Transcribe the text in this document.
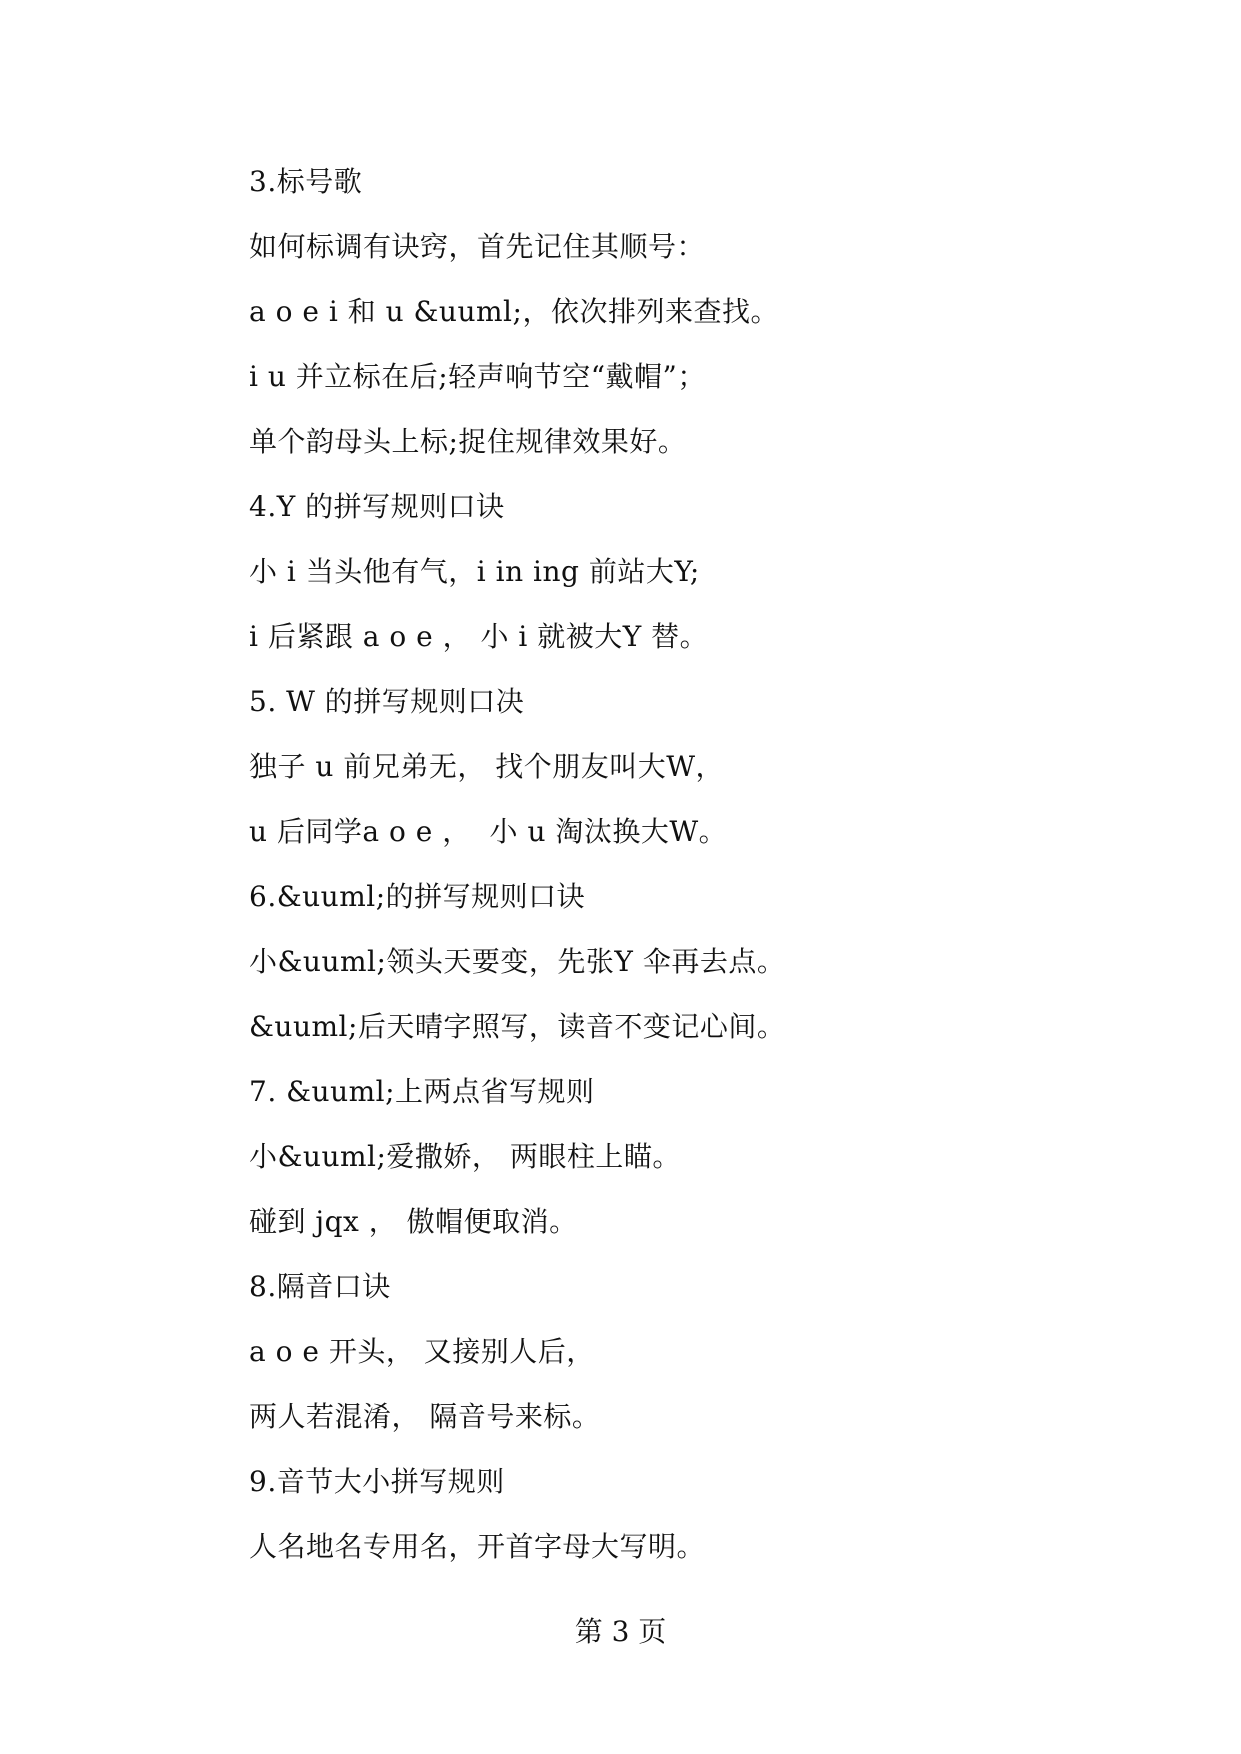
3.标号歌
如何标调有诀窍，首先记住其顺号：
a o e i 和 u &uuml;，依次排列来查找。
i u 并立标在后;轻声响节空“戴帽”；
单个韵母头上标;捉住规律效果好。
4.Y 的拼写规则口诀
小 i 当头他有气，i in ing 前站大Y;
i 后紧跟 a o e ， 小 i 就被大Y 替。
5. W 的拼写规则口决
独子 u 前兄弟无， 找个朋友叫大W，
u 后同学a o e ，  小 u 淘汰换大W。
6.&uuml;的拼写规则口诀
小&uuml;领头天要变，先张Y 伞再去点。
&uuml;后天晴字照写，读音不变记心间。
7. &uuml;上两点省写规则
小&uuml;爱撒娇， 两眼柱上瞄。
碰到 jqx ， 傲帽便取消。
8.隔音口诀
a o e 开头， 又接别人后，
两人若混淆， 隔音号来标。
9.音节大小拼写规则
人名地名专用名，开首字母大写明。
第 3 页
